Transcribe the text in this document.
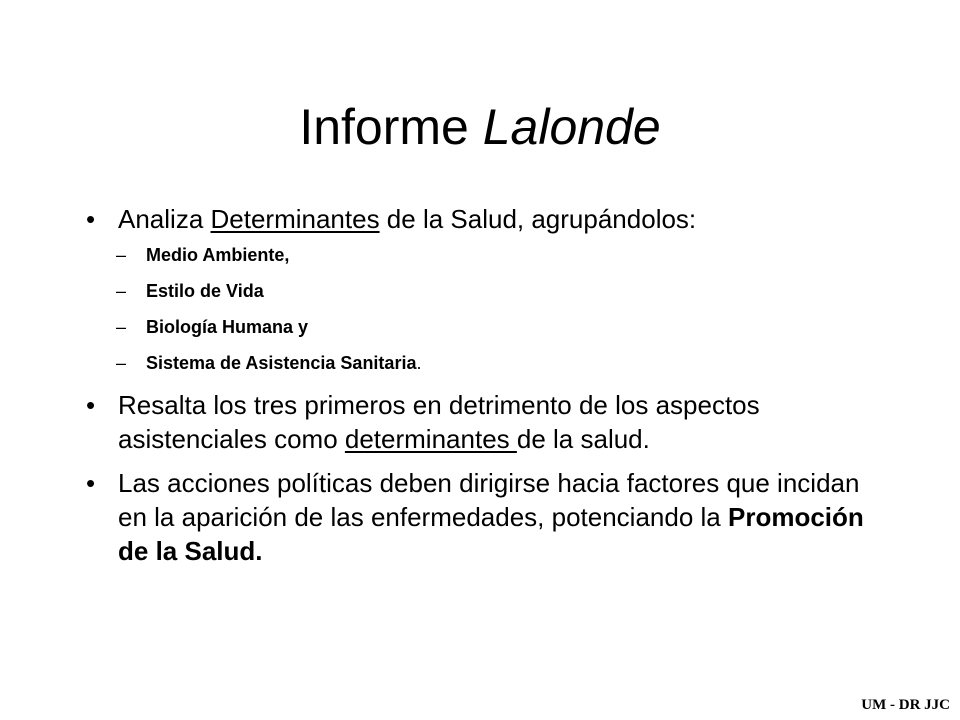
Informe Lalonde
• Analiza Determinantes de la Salud, agrupándolos:
– Medio Ambiente,
– Estilo de Vida
– Biología Humana y
– Sistema de Asistencia Sanitaria.
• Resalta los tres primeros en detrimento de los aspectos asistenciales como determinantes de la salud.
• Las acciones políticas deben dirigirse hacia factores que incidan en la aparición de las enfermedades, potenciando la Promoción de la Salud.
UM - DR JJC
